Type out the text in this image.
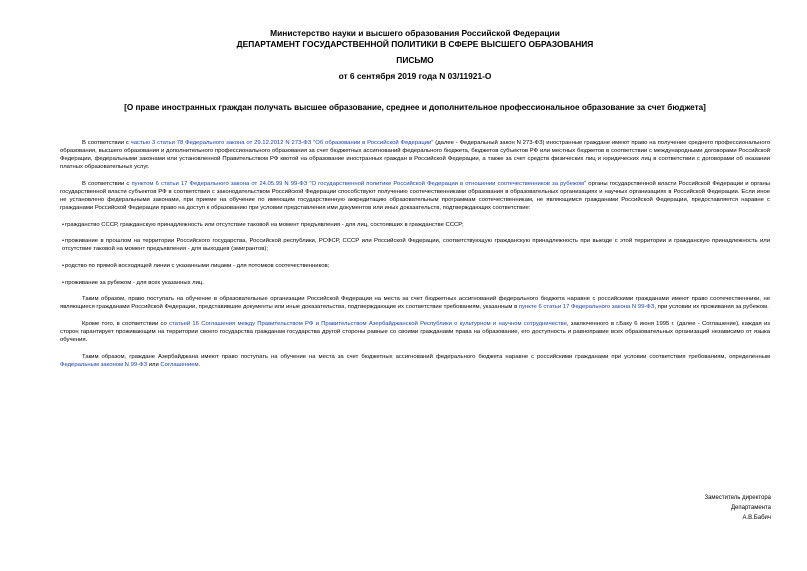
Министерство науки и высшего образования Российской Федерации
ДЕПАРТАМЕНТ ГОСУДАРСТВЕННОЙ ПОЛИТИКИ В СФЕРЕ ВЫСШЕГО ОБРАЗОВАНИЯ
ПИСЬМО
от 6 сентября 2019 года N 03/11921-О
[О праве иностранных граждан получать высшее образование, среднее и дополнительное профессиональное образование за счет бюджета]

В соответствии с частью 3 статьи 78 Федерального закона от 29.12.2012 N 273-ФЗ "Об образовании в Российской Федерации" (далее - Федеральный закон N 273-ФЗ) иностранные граждане имеют право на получение среднего профессионального образования, высшего образования и дополнительного профессионального образования за счет бюджетных ассигнований федерального бюджета, бюджетов субъектов РФ или местных бюджетов в соответствии с международными договорами Российской Федерации, федеральными законами или установленной Правительством РФ квотой на образование иностранных граждан в Российской Федерации, а также за счет средств физических лиц и юридических лиц в соответствии с договорами об оказании платных образовательных услуг.

В соответствии с пунктом 6 статьи 17 Федерального закона от 24.05.99 N 99-ФЗ "О государственной политике Российской Федерации в отношении соотечественников за рубежом" органы государственной власти Российской Федерации и органы государственной власти субъектов РФ в соответствии с законодательством Российской Федерации способствуют получению соотечественниками образования в образовательных организациях и научных организациях в Российской Федерации. Если иное не установлено федеральными законами, при приеме на обучение по имеющим государственную аккредитацию образовательным программам соотечественникам, не являющимся гражданами Российской Федерации, предоставляется наравне с гражданами Российской Федерации право на доступ к образованию при условии представления ими документов или иных доказательств, подтверждающих соответствие:

•гражданство СССР, гражданскую принадлежность или отсутствие таковой на момент предъявления - для лиц, состоявших в гражданстве СССР;

•проживание в прошлом на территории Российского государства, Российской республики, РСФСР, СССР или Российской Федерации, соответствующую гражданскую принадлежность при выезде с этой территории и гражданскую принадлежность или отсутствие таковой на момент предъявления - для выходцев (эмигрантов);

•родство по прямой восходящей линии с указанными лицами - для потомков соотечественников;

•проживание за рубежом - для всех указанных лиц.

Таким образом, право поступать на обучение в образовательные организации Российской Федерации на места за счет бюджетных ассигнований федерального бюджета наравне с российскими гражданами имеют право соотечественники, не являющиеся гражданами Российской Федерации, представившие документы или иные доказательства, подтверждающие их соответствие требованиям, указанным в пункте 6 статьи 17 Федерального закона N 99-ФЗ, при условии их проживания за рубежом.

Кроме того, в соответствии со статьей 16 Соглашения между Правительством РФ и Правительством Азербайджанской Республики о культурном и научном сотрудничестве, заключенного в г.Баку 6 июня 1995 г. (далее - Соглашение), каждая из сторон гарантирует проживающим на территории своего государства гражданам государства другой стороны равные со своими гражданами права на образование, его доступность и равноправие всех образовательных организаций независимо от языка обучения.

Таким образом, граждане Азербайджана имеют право поступать на обучение на места за счет бюджетных ассигнований федерального бюджета наравне с российскими гражданами при условии соответствия требованиям, определенным Федеральным законом N 99-ФЗ или Соглашением.

Заместитель директора
Департамента
А.В.Бабич
